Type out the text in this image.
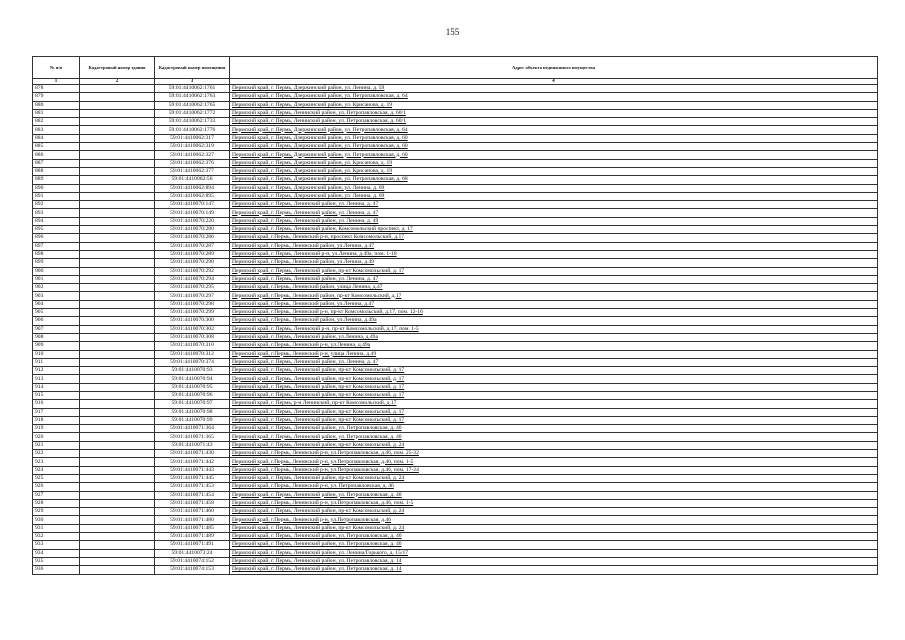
155
№ п/п	Кадастровый номер здания	Кадастровый номер помещения	Адрес объекта недвижимого имущества
1	2	3	4
878		59:01:4410062:1761	Пермский край, г. Пермь, Дзержинский район, ул. Ленина, д. 59
879		59:01:4410062:1763	Пермский край, г. Пермь, Дзержинский район, ул. Петропавловская, д. 64
880		59:01:4410062:1765	Пермский край, г. Пермь, Дзержинский район, ул. Крисанова, д. 19
881		59:01:4410062:1772	Пермский край, г. Пермь, Ленинский район, ул. Петропавловская, д. 60/1
882		59:01:4410062:1733	Пермский край, г. Пермь, Ленинский район, ул. Петропавловская, д. 60/1
883		59:01:4410062:1776	Пермский край, г. Пермь, Дзержинский район, ул. Петропавловская, д. 64
884		59:01:4410062:317	Пермский край, г. Пермь, Дзержинский район, ул. Петропавловская, д. 60
885		59:01:4410062:319	Пермский край, г. Пермь, Дзержинский район, ул. Петропавловская, д. 60
886		59:01:4410062:327	Пермский край, г. Пермь, Дзержинский район, ул. Петропавловская, д. 60
887		59:01:4410062:376	Пермский край, г. Пермь, Дзержинский район, ул. Крисанова, д. 19
888		59:01:4410062:377	Пермский край, г. Пермь, Дзержинский район, ул. Крисанова, д. 19
889		59:01:4410062:56	Пермский край, г. Пермь, Дзержинский район, ул. Петропавловская, д. 68
890		59:01:4410062:894	Пермский край, г. Пермь, Дзержинский район, ул. Ленина, д. 69
891		59:01:4410062:895	Пермский край, г. Пермь, Дзержинский район, ул. Ленина, д. 69
892		59:01:4410070:147	Пермский край, г. Пермь, Ленинский район, ул. Ленина, д. 47
893		59:01:4410070:149	Пермский край, г. Пермь, Ленинский район, ул. Ленина, д. 47
894		59:01:4410070:220	Пермский край, г. Пермь, Ленинский район, ул. Ленина, д. 49
895		59:01:4410070:280	Пермский край, г. Пермь, Ленинский район, Комсомольский проспект, д. 17
896		59:01:4410070:286	Пермский край, г.Пермь, Ленинский р-н, проспект Комсомольский, д.17
897		59:01:4410070:287	Пермский край, г.Пермь, Ленинский район, ул.Ленина, д.47
898		59:01:4410070:289	Пермский край, г. Пермь, Ленинский р-н, ул.Ленина, д.49а, пом. 1-18
899		59:01:4410070:290	Пермский край, г.Пермь, Ленинский район, ул.Ленина, д.49
900		59:01:4410070:292	Пермский край, г. Пермь, Ленинский район, пр-кт Комсомольский, д. 17
901		59:01:4410070:294	Пермский край, г. Пермь, Ленинский район, ул. Ленина, д. 47
902		59:01:4410070:295	Пермский край, г.Пермь, Ленинский район, улица Ленина, д.47
903		59:01:4410070:297	Пермский край, г.Пермь, Ленинский район, пр-кт Комсомольский, д.17
904		59:01:4410070:298	Пермский край, г.Пермь, Ленинский район, ул.Ленина, д.47
905		59:01:4410070:299	Пермский край, г.Пермь, Ленинский р-н, пр-кт Комсомольский, д.17, пом. 12-16
906		59:01:4410070:300	Пермский край, г.Пермь, Ленинский район, ул.Ленина, д.49а
907		59:01:4410070:302	Пермский край, г. Пермь, Ленинский р-н, пр-кт Комсомольский, д.17, пом. 1-5
908		59:01:4410070:308	Пермский край, г. Пермь, Ленинский район, ул.Ленина, д.49а
909		59:01:4410070:310	Пермский край, г.Пермь, Ленинский р-н, ул.Ленина, д.49а
910		59:01:4410070:312	Пермский край, г.Пермь, Ленинский р-н, улица Ленина, д.49
911		59:01:4410070:374	Пермский край, г. Пермь, Ленинский район, ул. Ленина, д. 47
912		59:01:4410070:93	Пермский край, г. Пермь, Ленинский район, пр-кт Комсомольский, д. 17
913		59:01:4410070:94	Пермский край, г. Пермь, Ленинский район, пр-кт Комсомольский, д. 17
914		59:01:4410070:95	Пермский край, г. Пермь, Ленинский район, пр-кт Комсомольский, д. 17
915		59:01:4410070:96	Пермский край, г. Пермь, Ленинский район, пр-кт Комсомольский, д. 17
916		59:01:4410070:97	Пермский край, г. Пермь, р-н Ленинский, пр-кт Комсомольский, д.17
917		59:01:4410070:98	Пермский край, г. Пермь, Ленинский район, пр-кт Комсомольский, д. 17
918		59:01:4410070:99	Пермский край, г. Пермь, Ленинский район, пр-кт Комсомольский, д. 17
919		59:01:4410071:364	Пермский край, г. Пермь, Ленинский район, ул. Петропавловская, д. 40
920		59:01:4410071:365	Пермский край, г. Пермь, Ленинский район, ул. Петропавловская, д. 40
921		59:01:4410071:43	Пермский край, г. Пермь, Ленинский район, пр-кт Комсомольский, д. 24
922		59:01:4410071:430	Пермский край, г.Пермь, Ленинский р-н, ул.Петропавловская, д.46, пом. 25-32
923		59:01:4410071:442	Пермский край, г.Пермь, Ленинский р-н, ул.Петропавловская, д.46, пом. 1-5
924		59:01:4410071:443	Пермский край, г.Пермь, Ленинский р-н, ул.Петропавловская, д.46, пом. 17-24
925		59:01:4410071:445	Пермский край, г. Пермь, Ленинский район, пр-кт Комсомольский, д. 24
926		59:01:4410071:453	Пермский край, г.Пермь, Ленинский р-н, ул. Петропавловская, д. 46
927		59:01:4410071:454	Пермский край, г. Пермь, Ленинский район, ул. Петропавловская, д. 40
928		59:01:4410071:458	Пермский край, г.Пермь, Ленинский р-н, ул.Петропавловская, д.46, пом. 1-5
929		59:01:4410071:460	Пермский край, г. Пермь, Ленинский район, пр-кт Комсомольский, д. 24
930		59:01:4410071:480	Пермский край, г.Пермь, Ленинский р-н, ул.Петропавловская, д.46
931		59:01:4410071:485	Пермский край, г. Пермь, Ленинский район, пр-кт Комсомольский, д. 24
932		59:01:4410071:489	Пермский край, г. Пермь, Ленинский район, ул. Петропавловская, д. 40
933		59:01:4410071:491	Пермский край, г. Пермь, Ленинский район, ул. Петропавловская, д. 40
934		59:01:4410073:24	Пермский край, г. Пермь, Ленинский район, ул. Ленина/Горького, д. 15/17
935		59:01:4410074:152	Пермский край, г. Пермь, Ленинский район, ул. Петропавловская, д. 14
936		59:01:4410074:153	Пермский край, г. Пермь, Ленинский район, ул. Петропавловская, д. 14
